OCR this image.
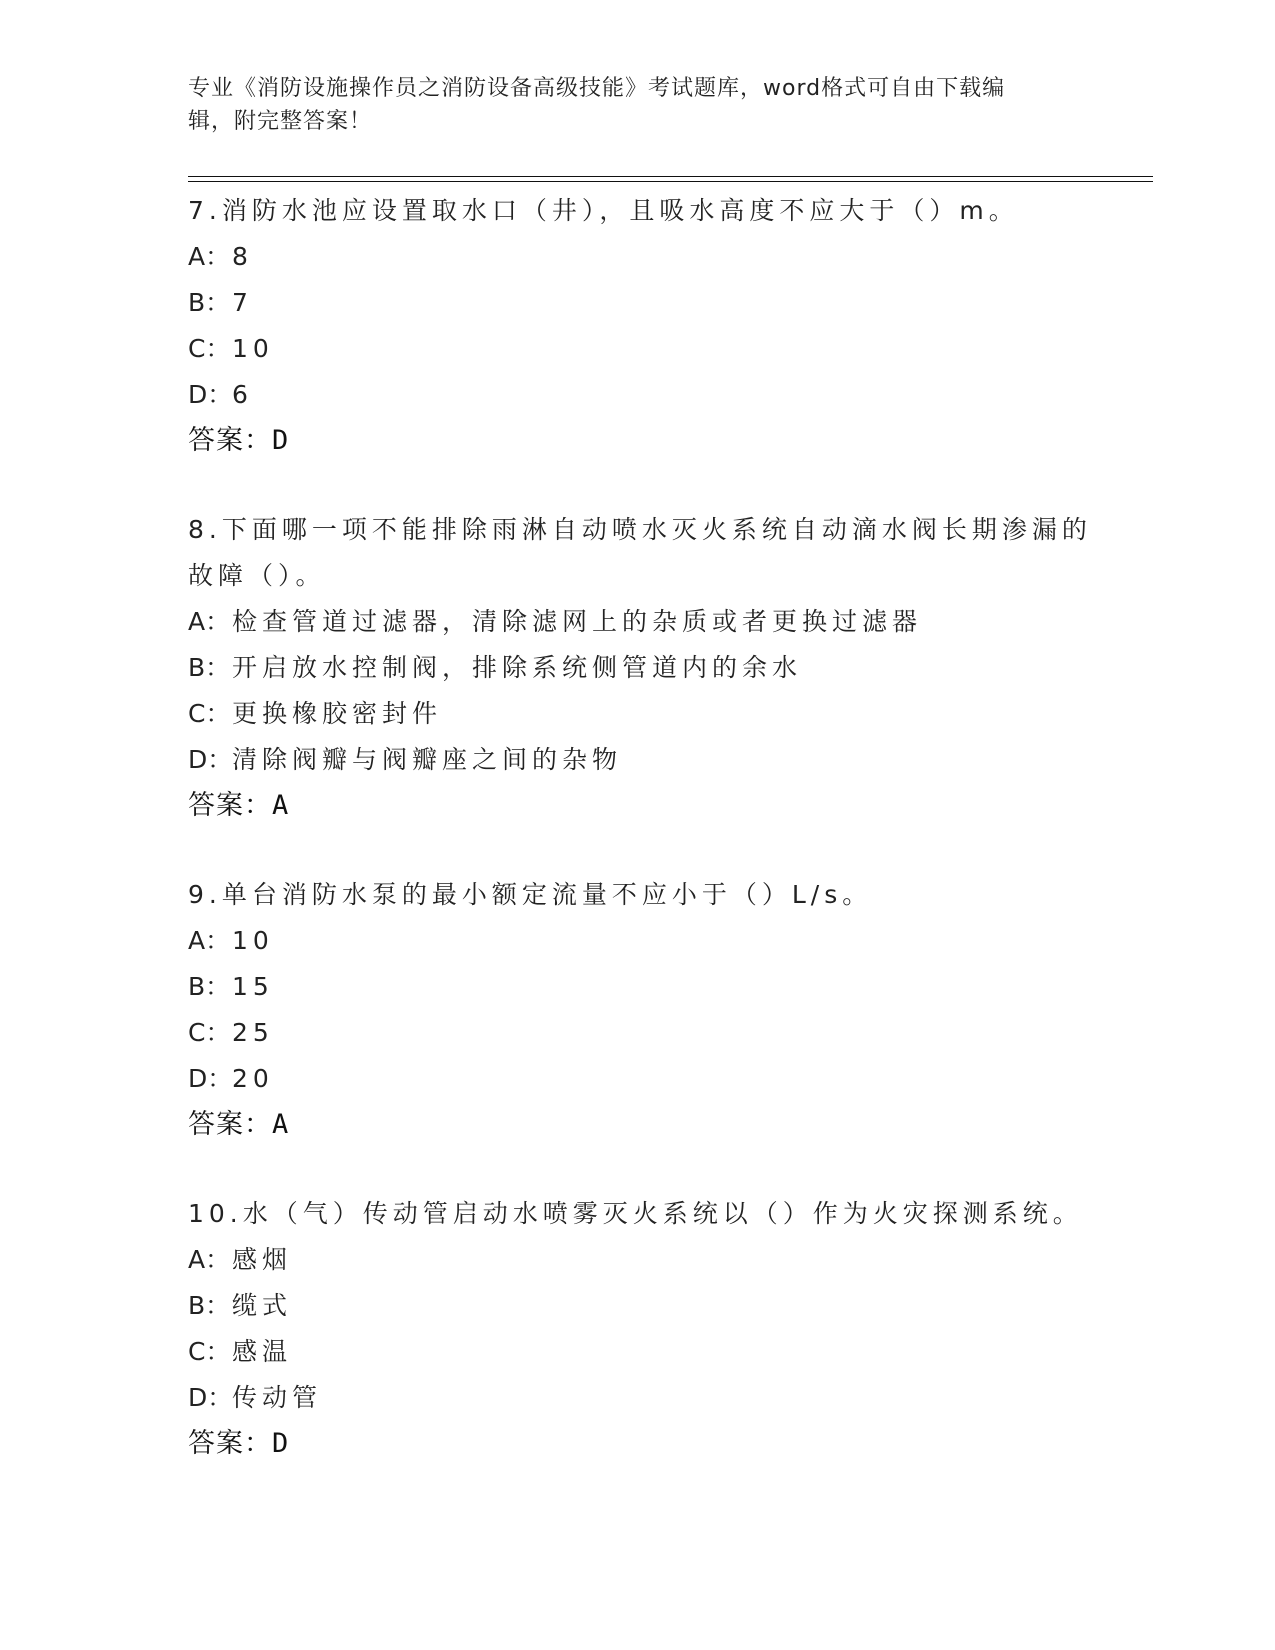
专业《消防设施操作员之消防设备高级技能》考试题库，word格式可自由下载编
辑，附完整答案！
7.消防水池应设置取水口（井），且吸水高度不应大于（）m。
A：8
B：7
C：10
D：6
答案：D
8.下面哪一项不能排除雨淋自动喷水灭火系统自动滴水阀长期渗漏的
故障（）。
A：检查管道过滤器，清除滤网上的杂质或者更换过滤器
B：开启放水控制阀，排除系统侧管道内的余水
C：更换橡胶密封件
D：清除阀瓣与阀瓣座之间的杂物
答案：A
9.单台消防水泵的最小额定流量不应小于（）L/s。
A：10
B：15
C：25
D：20
答案：A
10.水（气）传动管启动水喷雾灭火系统以（）作为火灾探测系统。
A：感烟
B：缆式
C：感温
D：传动管
答案：D
